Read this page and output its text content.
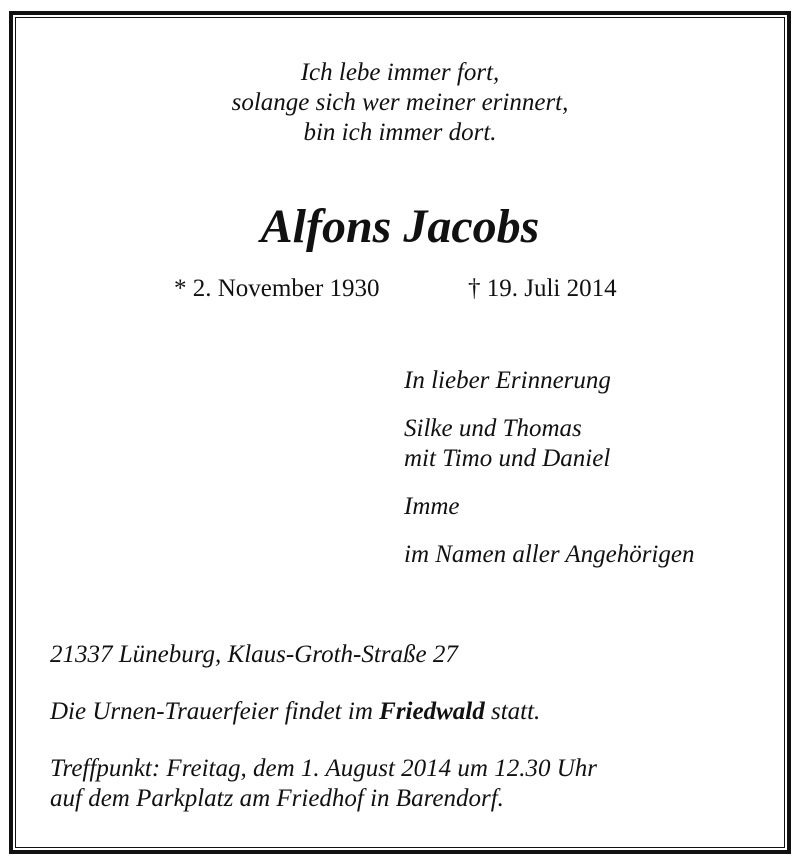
Ich lebe immer fort,
solange sich wer meiner erinnert,
bin ich immer dort.
Alfons Jacobs
* 2. November 1930	† 19. Juli 2014
In lieber Erinnerung
Silke und Thomas
mit Timo und Daniel
Imme
im Namen aller Angehörigen
21337 Lüneburg, Klaus-Groth-Straße 27
Die Urnen-Trauerfeier findet im Friedwald statt.
Treffpunkt: Freitag, dem 1. August 2014 um 12.30 Uhr
auf dem Parkplatz am Friedhof in Barendorf.
